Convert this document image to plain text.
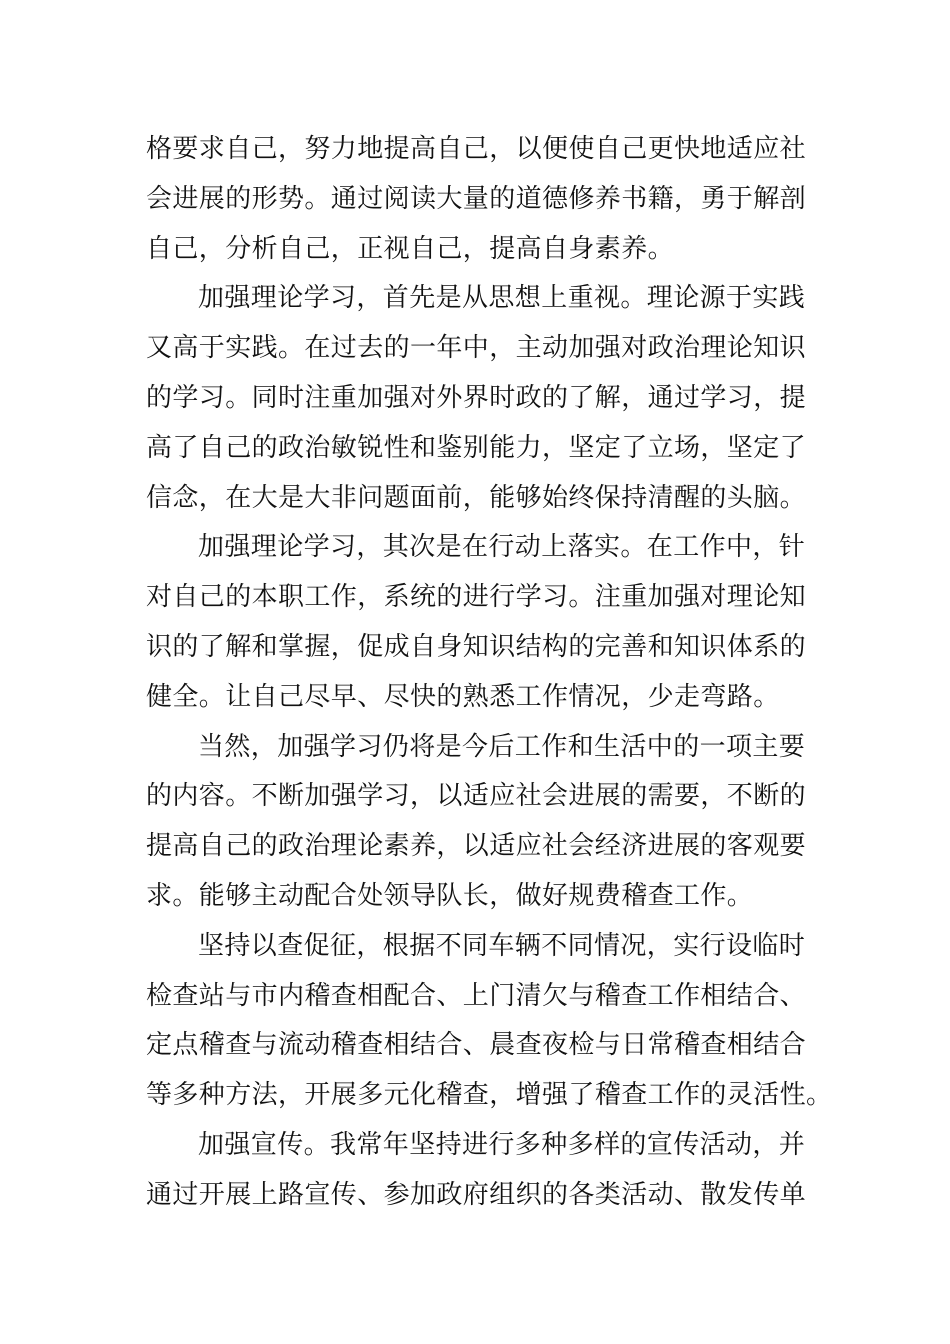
格要求自己，努力地提高自己，以便使自己更快地适应社
会进展的形势。通过阅读大量的道德修养书籍，勇于解剖
自己，分析自己，正视自己，提高自身素养。
加强理论学习，首先是从思想上重视。理论源于实践
又高于实践。在过去的一年中，主动加强对政治理论知识
的学习。同时注重加强对外界时政的了解，通过学习，提
高了自己的政治敏锐性和鉴别能力，坚定了立场，坚定了
信念，在大是大非问题面前，能够始终保持清醒的头脑。
加强理论学习，其次是在行动上落实。在工作中，针
对自己的本职工作，系统的进行学习。注重加强对理论知
识的了解和掌握，促成自身知识结构的完善和知识体系的
健全。让自己尽早、尽快的熟悉工作情况，少走弯路。
当然，加强学习仍将是今后工作和生活中的一项主要
的内容。不断加强学习，以适应社会进展的需要，不断的
提高自己的政治理论素养，以适应社会经济进展的客观要
求。能够主动配合处领导队长，做好规费稽查工作。
坚持以查促征，根据不同车辆不同情况，实行设临时
检查站与市内稽查相配合、上门清欠与稽查工作相结合、
定点稽查与流动稽查相结合、晨查夜检与日常稽查相结合
等多种方法，开展多元化稽查，增强了稽查工作的灵活性。
加强宣传。我常年坚持进行多种多样的宣传活动，并
通过开展上路宣传、参加政府组织的各类活动、散发传单
